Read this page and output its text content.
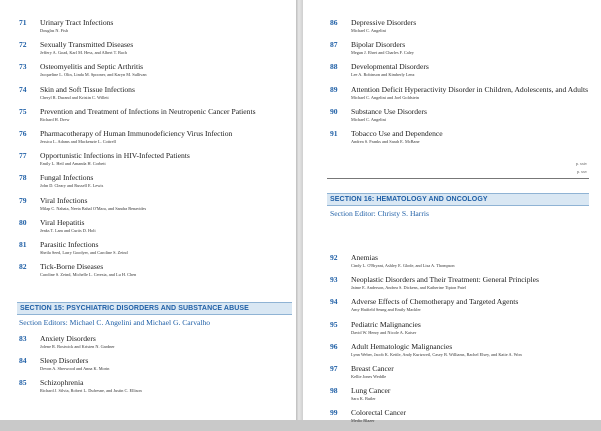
71	Urinary Tract Infections
Douglas N. Fish
72	Sexually Transmitted Diseases
Jeffery A. Goad, Karl M. Hess, and Albert T. Bach
73	Osteomyelitis and Septic Arthritis
Jacqueline L. Olin, Linda M. Spooner, and Karyn M. Sullivan
74	Skin and Soft Tissue Infections
Cheryl R. Durand and Kristin C. Willett
75	Prevention and Treatment of Infections in Neutropenic Cancer Patients
Richard H. Drew
76	Pharmacotherapy of Human Immunodeficiency Virus Infection
Jessica L. Adams and Mackenzie L. Cottrell
77	Opportunistic Infections in HIV-Infected Patients
Emily L. Heil and Amanda H. Corbett
78	Fungal Infections
John D. Cleary and Russell E. Lewis
79	Viral Infections
Milap C. Nahata, Neeta Bahal O'Mara, and Sandra Benavides
80	Viral Hepatitis
Jenks T. Lam and Curtis D. Holt
81	Parasitic Infections
Sheila Seed, Larry Goodyer, and Caroline S. Zeind
82	Tick-Borne Diseases
Caroline S. Zeind, Michelle L. Ceresia, and Lu H. Chen
SECTION 15: PSYCHIATRIC DISORDERS AND SUBSTANCE ABUSE
Section Editors: Michael C. Angelini and Michael G. Carvalho
83	Anxiety Disorders
Jolene R. Bostwick and Kristen N. Gardner
84	Sleep Disorders
Devon A. Sherwood and Anna K. Morin
85	Schizophrenia
Richard J. Silvia, Robert L. Dufresne, and Justin C. Ellison
86	Depressive Disorders
Michael C. Angelini
87	Bipolar Disorders
Megan J. Ehret and Charles F. Caley
88	Developmental Disorders
Lee A. Robinson and Kimberly Lenz
89	Attention Deficit Hyperactivity Disorder in Children, Adolescents, and Adults
Michael C. Angelini and Joel Goldstein
90	Substance Use Disorders
Michael C. Angelini
91	Tobacco Use and Dependence
Andrea S. Franks and Sarah E. McBane
p. xxiv
p. xxv
SECTION 16: HEMATOLOGY AND ONCOLOGY
Section Editor: Christy S. Harris
92	Anemias
Cindy L. O'Bryant, Ashley E. Glode, and Lisa A. Thompson
93	Neoplastic Disorders and Their Treatment: General Principles
Jaime E. Anderson, Andrea S. Dickens, and Katherine Tipton Patel
94	Adverse Effects of Chemotherapy and Targeted Agents
Amy Hatfield Seung and Emily Mackler
95	Pediatric Malignancies
David W. Henry and Nicole A. Kaiser
96	Adult Hematologic Malignancies
Lynn Weber, Jacob K. Kettle, Andy Kurtzweil, Casey B. Williams, Rachel Elsey, and Katie A. Won
97	Breast Cancer
Kellie Jones Weddle
98	Lung Cancer
Sara K. Butler
99	Colorectal Cancer
Medio Blazer
